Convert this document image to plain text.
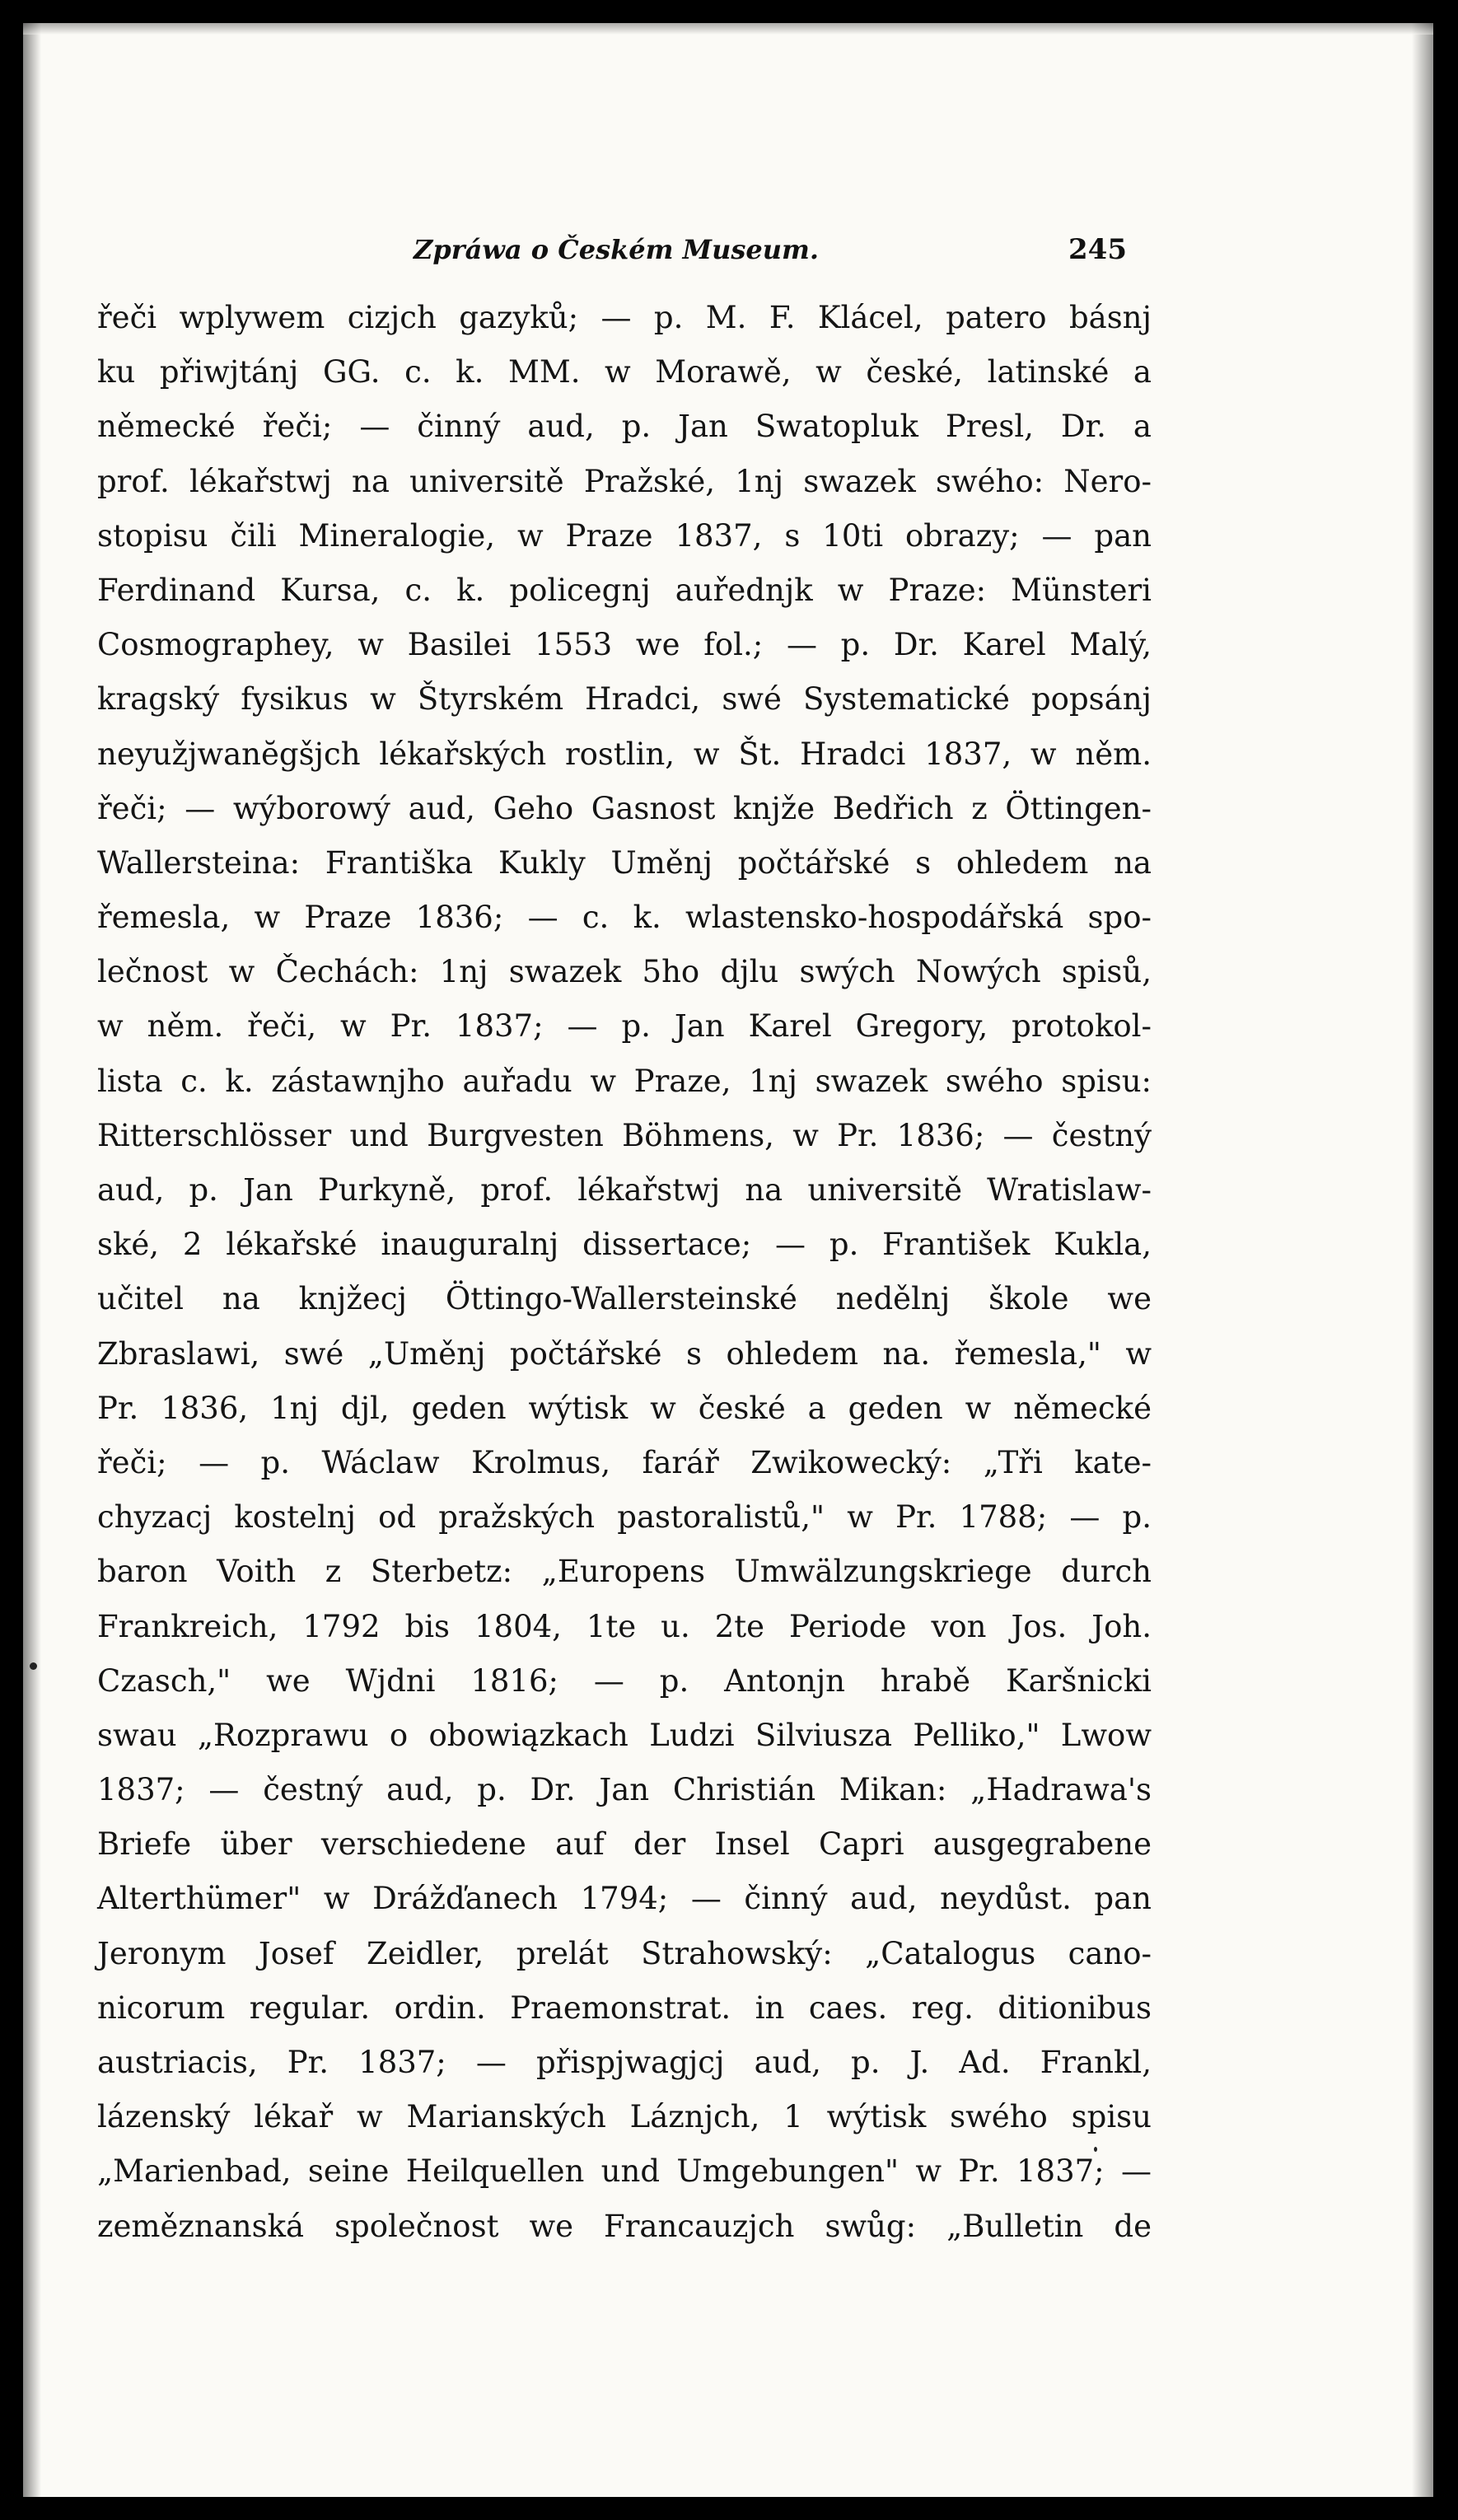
Zpráwa o Českém Museum.	245
řeči wplywem cizjch gazyků; — p. M. F. Klácel, patero básnj
ku přiwjtánj GG. c. k. MM. w Morawě, w české, latinské a
německé řeči; — činný aud, p. Jan Swatopluk Presl, Dr. a
prof. lékařstwj na universitě Pražské, 1nj swazek swého: Nero-
stopisu čili Mineralogie, w Praze 1837, s 10ti obrazy; — pan
Ferdinand Kursa, c. k. policegnj auřednjk w Praze: Münsteri
Cosmographey, w Basilei 1553 we fol.; — p. Dr. Karel Malý,
kragský fysikus w Štyrském Hradci, swé Systematické popsánj
neyužjwanĕgšjch lékařských rostlin, w Št. Hradci 1837, w něm.
řeči; — wýborowý aud, Geho Gasnost knjže Bedřich z Öttingen-
Wallersteina: Františka Kukly Uměnj počtářské s ohledem na
řemesla, w Praze 1836; — c. k. wlastensko-hospodářská spo-
lečnost w Čechách: 1nj swazek 5ho djlu swých Nowých spisů,
w něm. řeči, w Pr. 1837; — p. Jan Karel Gregory, protokol-
lista c. k. zástawnjho auřadu w Praze, 1nj swazek swého spisu:
Ritterschlösser und Burgvesten Böhmens, w Pr. 1836; — čestný
aud, p. Jan Purkyně, prof. lékařstwj na universitě Wratislaw-
ské, 2 lékařské inauguralnj dissertace; — p. František Kukla,
učitel na knjžecj Öttingo-Wallersteinské nedělnj škole we
Zbraslawi, swé „Uměnj počtářské s ohledem na. řemesla," w
Pr. 1836, 1nj djl, geden wýtisk w české a geden w německé
řeči; — p. Wáclaw Krolmus, farář Zwikowecký: „Tři kate-
chyzacj kostelnj od pražských pastoralistů," w Pr. 1788; — p.
baron Voith z Sterbetz: „Europens Umwälzungskriege durch
Frankreich, 1792 bis 1804, 1te u. 2te Periode von Jos. Joh.
Czasch," we Wjdni 1816; — p. Antonjn hrabě Karšnicki
swau „Rozprawu o obowiązkach Ludzi Silviusza Pelliko," Lwow
1837; — čestný aud, p. Dr. Jan Christián Mikan: „Hadrawa's
Briefe über verschiedene auf der Insel Capri ausgegrabene
Alterthümer" w Drážďanech 1794; — činný aud, neydůst. pan
Jeronym Josef Zeidler, prelát Strahowský: „Catalogus cano-
nicorum regular. ordin. Praemonstrat. in caes. reg. ditionibus
austriacis, Pr. 1837; — přispjwagjcj aud, p. J. Ad. Frankl,
lázenský lékař w Marianských Láznjch, 1 wýtisk swého spisu
„Marienbad, seine Heilquellen und Umgebungen" w Pr. 1837; —
zeměznanská společnost we Francauzjch swůg: „Bulletin de
